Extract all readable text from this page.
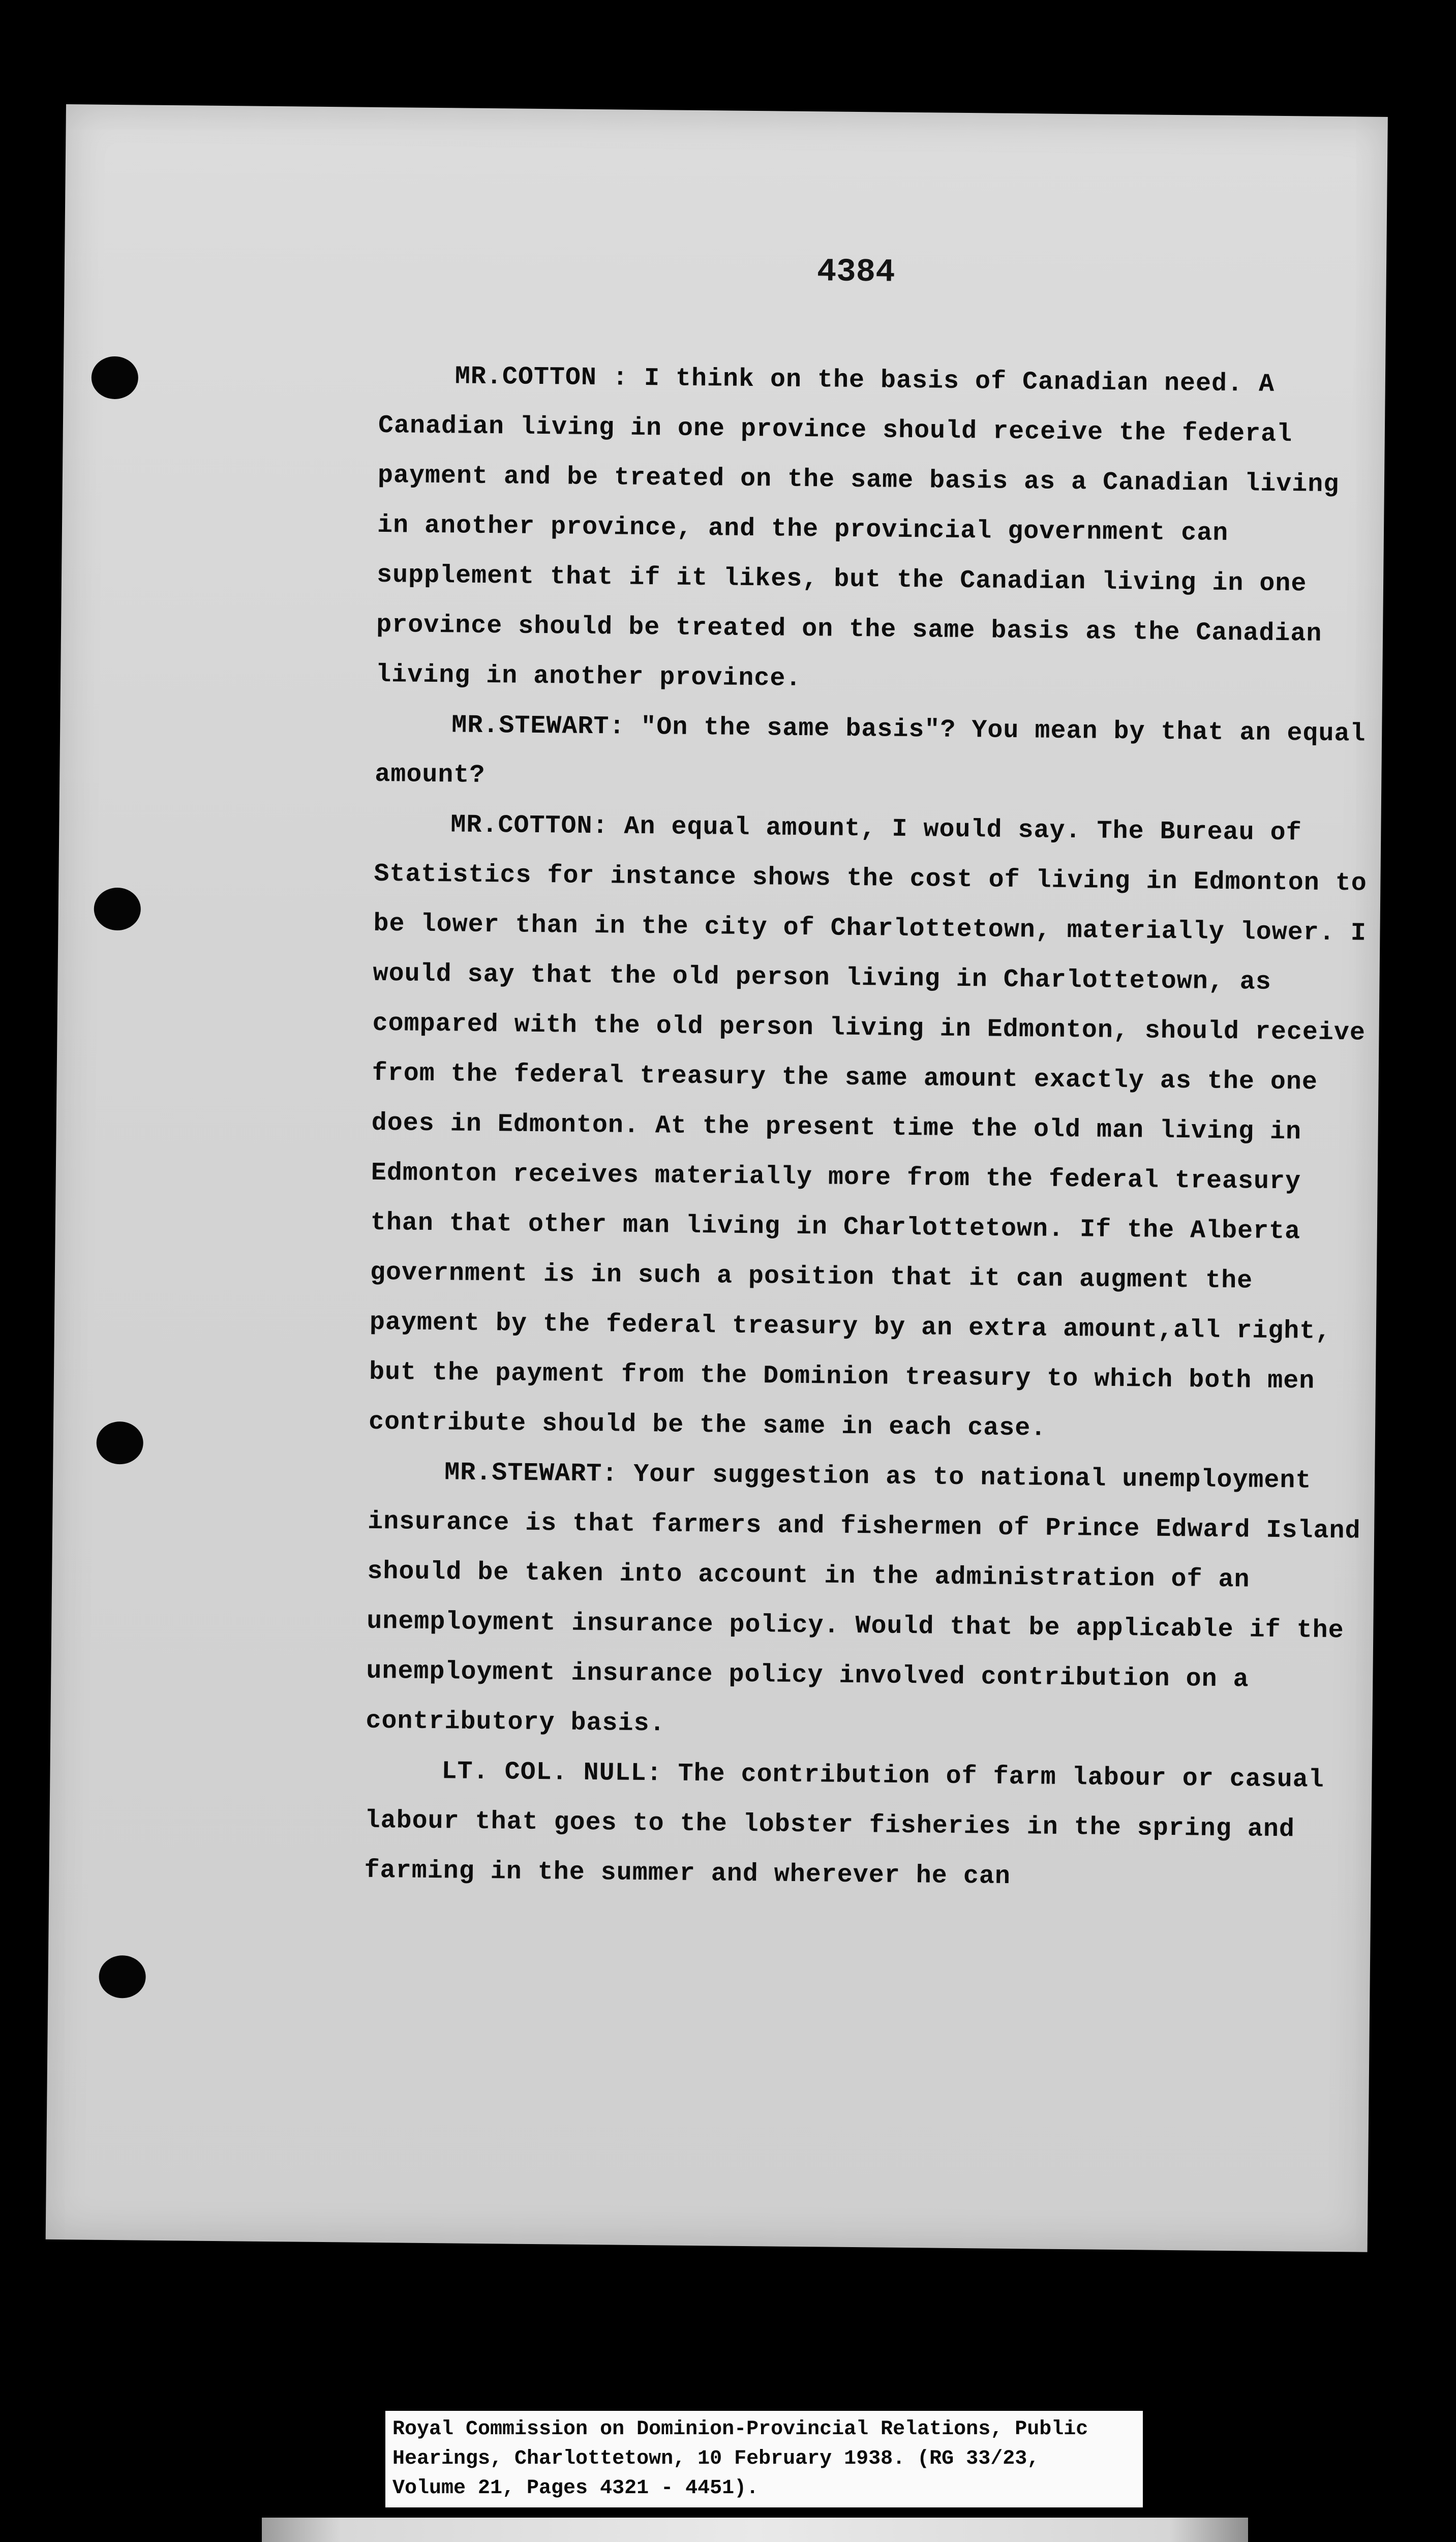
4384

MR.COTTON : I think on the basis of Canadian need. A Canadian living in one province should receive the federal payment and be treated on the same basis as a Canadian living in another province, and the provincial government can supplement that if it likes, but the Canadian living in one province should be treated on the same basis as the Canadian living in another province.

MR.STEWART: "On the same basis"? You mean by that an equal amount?

MR.COTTON: An equal amount, I would say. The Bureau of Statistics for instance shows the cost of living in Edmonton to be lower than in the city of Charlottetown, materially lower. I would say that the old person living in Charlottetown, as compared with the old person living in Edmonton, should receive from the federal treasury the same amount exactly as the one does in Edmonton. At the present time the old man living in Edmonton receives materially more from the federal treasury than that other man living in Charlottetown. If the Alberta government is in such a position that it can augment the payment by the federal treasury by an extra amount,all right, but the payment from the Dominion treasury to which both men contribute should be the same in each case.

MR.STEWART: Your suggestion as to national unemployment insurance is that farmers and fishermen of Prince Edward Island should be taken into account in the administration of an unemployment insurance policy. Would that be applicable if the unemployment insurance policy involved contribution on a contributory basis.

LT. COL. NULL: The contribution of farm labour or casual labour that goes to the lobster fisheries in the spring and farming in the summer and wherever he can

Royal Commission on Dominion-Provincial Relations, Public
Hearings, Charlottetown, 10 February 1938. (RG 33/23,
Volume 21, Pages 4321 - 4451).
